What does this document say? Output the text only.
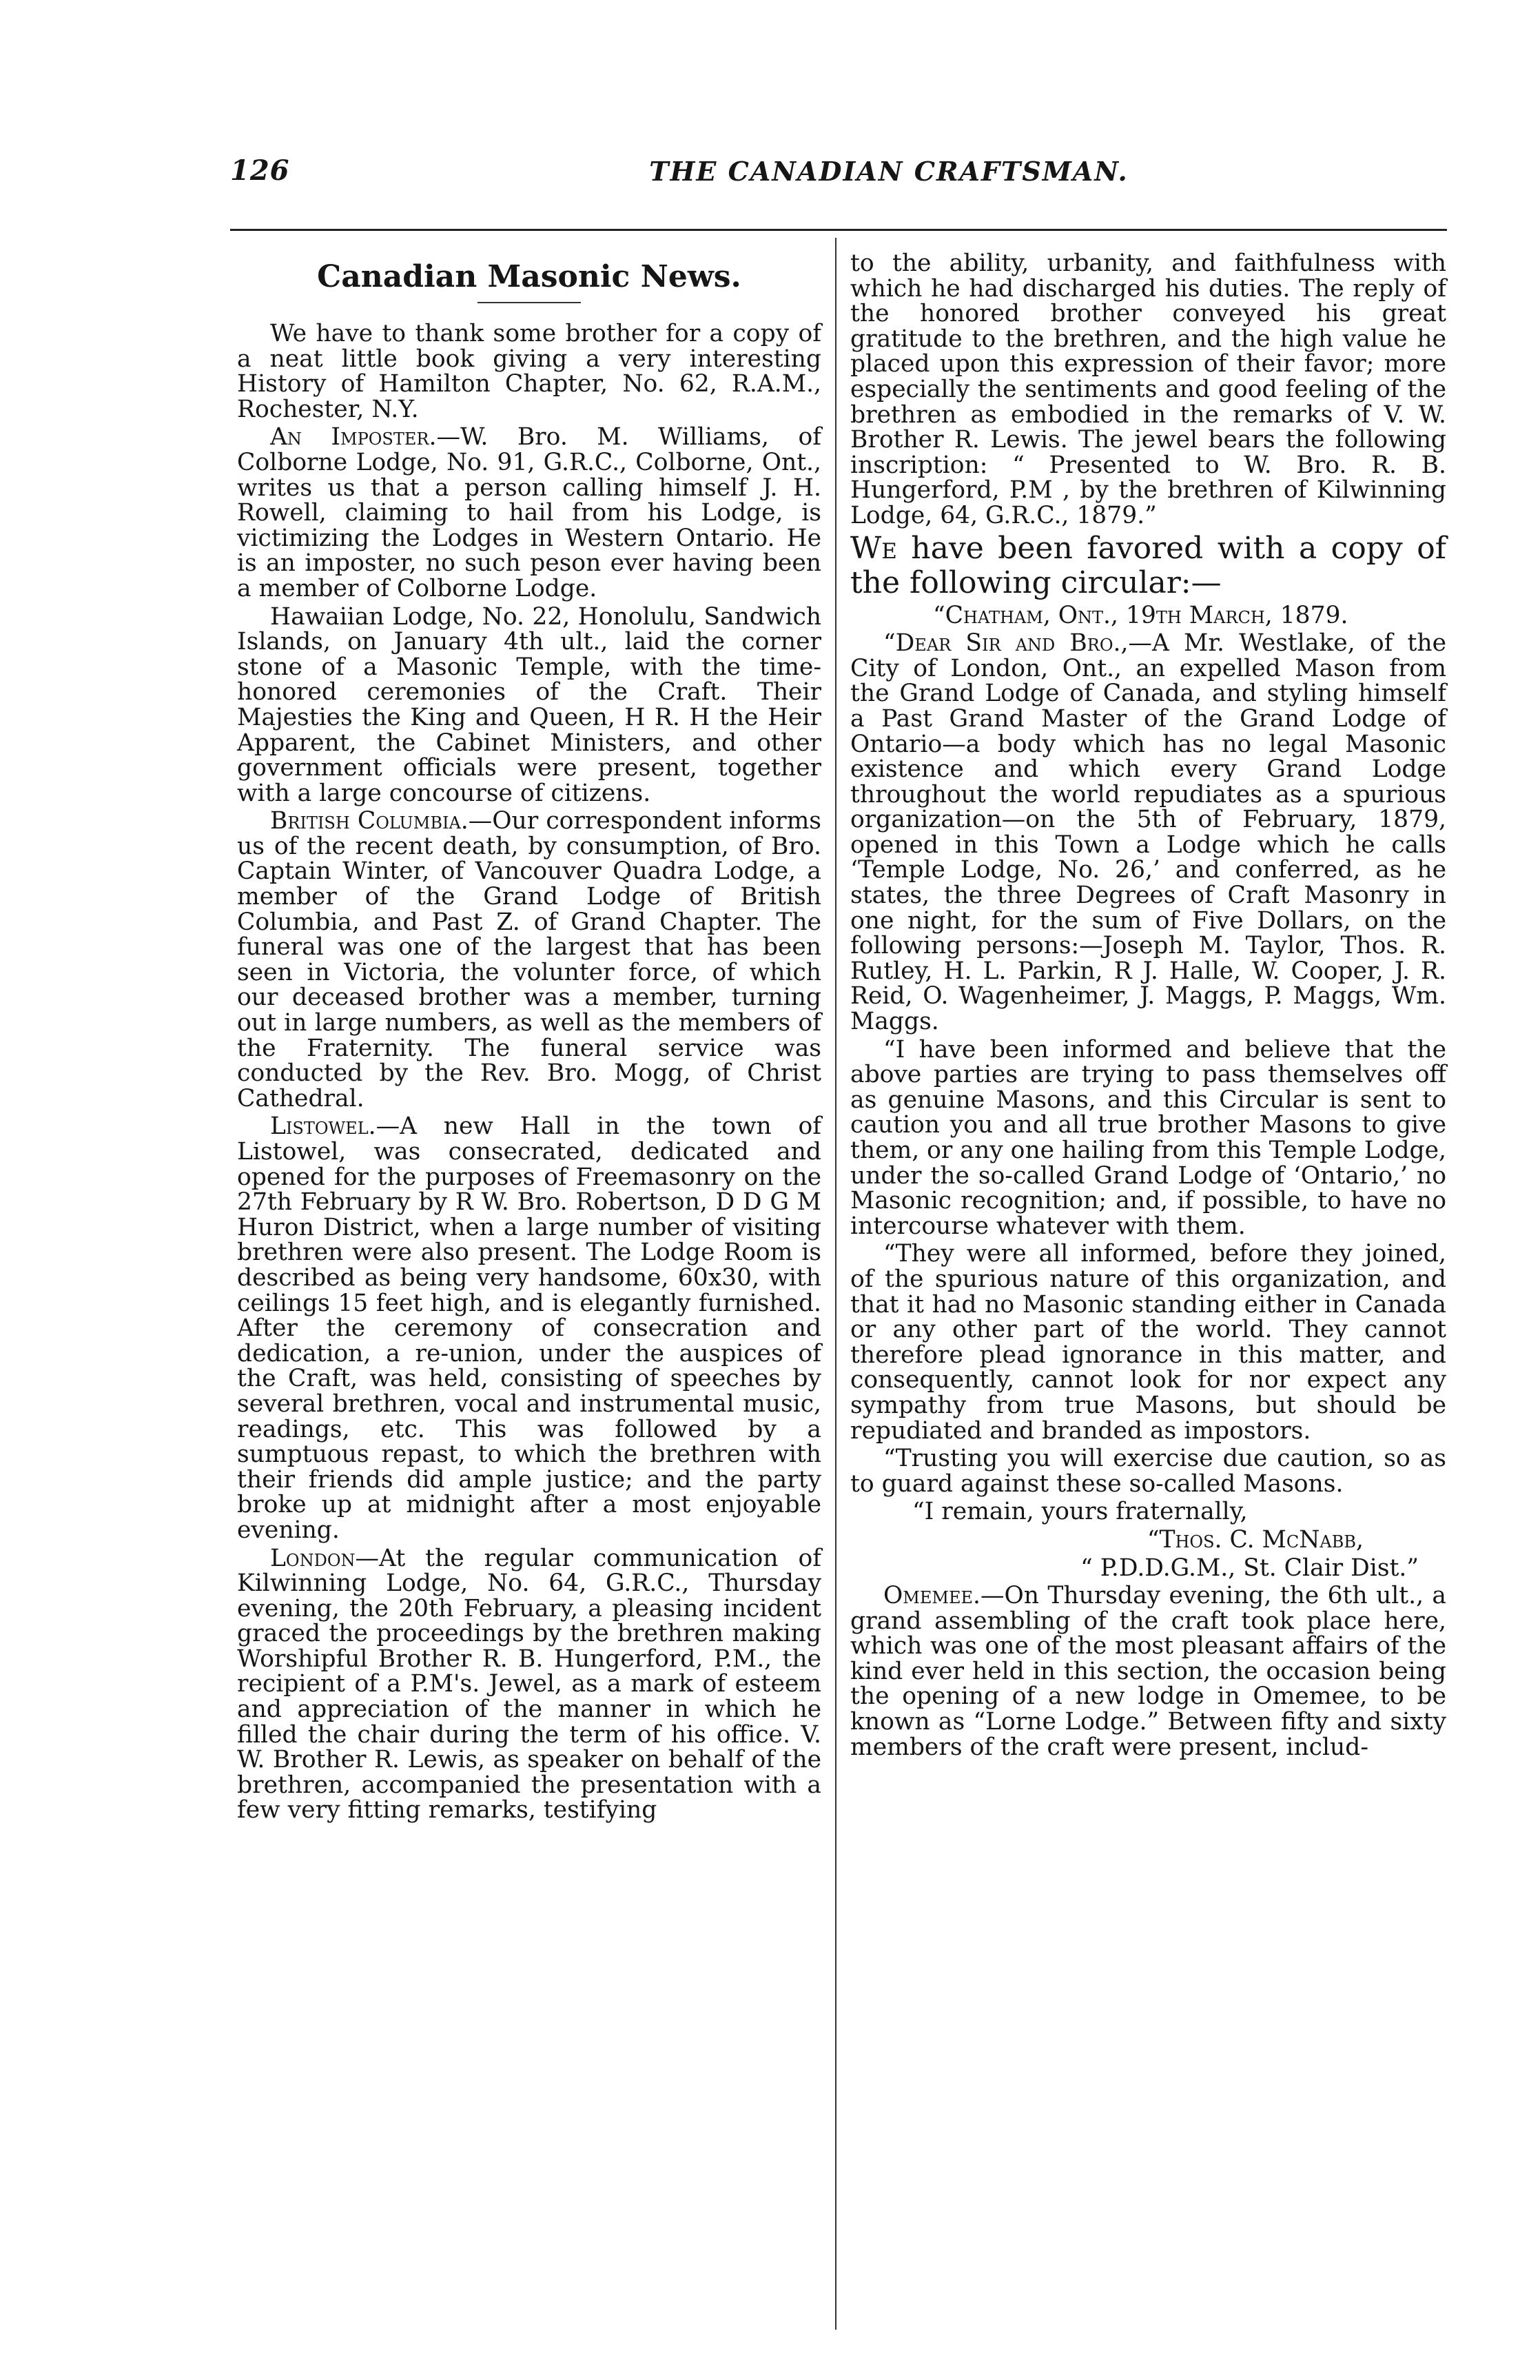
126	THE CANADIAN CRAFTSMAN.
Canadian Masonic News.

We have to thank some brother for a copy of a neat little book giving a very interesting History of Hamilton Chapter, No. 62, R.A.M., Rochester, N.Y.

An Imposter.—W. Bro. M. Williams, of Colborne Lodge, No. 91, G.R.C., Colborne, Ont., writes us that a person calling himself J. H. Rowell, claiming to hail from his Lodge, is victimizing the Lodges in Western Ontario. He is an imposter, no such peson ever having been a member of Colborne Lodge.

Hawaiian Lodge, No. 22, Honolulu, Sandwich Islands, on January 4th ult., laid the corner stone of a Masonic Temple, with the time-honored ceremonies of the Craft. Their Majesties the King and Queen, H R. H the Heir Apparent, the Cabinet Ministers, and other government officials were present, together with a large concourse of citizens.

British Columbia.—Our correspondent informs us of the recent death, by consumption, of Bro. Captain Winter, of Vancouver Quadra Lodge, a member of the Grand Lodge of British Columbia, and Past Z. of Grand Chapter. The funeral was one of the largest that has been seen in Victoria, the volunter force, of which our deceased brother was a member, turning out in large numbers, as well as the members of the Fraternity. The funeral service was conducted by the Rev. Bro. Mogg, of Christ Cathedral.

Listowel.—A new Hall in the town of Listowel, was consecrated, dedicated and opened for the purposes of Freemasonry on the 27th February by R W. Bro. Robertson, D D G M Huron District, when a large number of visiting brethren were also present. The Lodge Room is described as being very handsome, 60x30, with ceilings 15 feet high, and is elegantly furnished. After the ceremony of consecration and dedication, a re-union, under the auspices of the Craft, was held, consisting of speeches by several brethren, vocal and instrumental music, readings, etc. This was followed by a sumptuous repast, to which the brethren with their friends did ample justice; and the party broke up at midnight after a most enjoyable evening.

London—At the regular communication of Kilwinning Lodge, No. 64, G.R.C., Thursday evening, the 20th February, a pleasing incident graced the proceedings by the brethren making Worshipful Brother R. B. Hungerford, P.M., the recipient of a P.M's. Jewel, as a mark of esteem and appreciation of the manner in which he filled the chair during the term of his office. V. W. Brother R. Lewis, as speaker on behalf of the brethren, accompanied the presentation with a few very fitting remarks, testifying

to the ability, urbanity, and faithfulness with which he had discharged his duties. The reply of the honored brother conveyed his great gratitude to the brethren, and the high value he placed upon this expression of their favor; more especially the sentiments and good feeling of the brethren as embodied in the remarks of V. W. Brother R. Lewis. The jewel bears the following inscription: “ Presented to W. Bro. R. B. Hungerford, P.M , by the brethren of Kilwinning Lodge, 64, G.R.C., 1879.”

We have been favored with a copy of the following circular:—

“Chatham, Ont., 19th March, 1879.

“Dear Sir and Bro.,—A Mr. Westlake, of the City of London, Ont., an expelled Mason from the Grand Lodge of Canada, and styling himself a Past Grand Master of the Grand Lodge of Ontario—a body which has no legal Masonic existence and which every Grand Lodge throughout the world repudiates as a spurious organization—on the 5th of February, 1879, opened in this Town a Lodge which he calls ‘Temple Lodge, No. 26,’ and conferred, as he states, the three Degrees of Craft Masonry in one night, for the sum of Five Dollars, on the following persons:—Joseph M. Taylor, Thos. R. Rutley, H. L. Parkin, R J. Halle, W. Cooper, J. R. Reid, O. Wagenheimer, J. Maggs, P. Maggs, Wm. Maggs.

“I have been informed and believe that the above parties are trying to pass themselves off as genuine Masons, and this Circular is sent to caution you and all true brother Masons to give them, or any one hailing from this Temple Lodge, under the so-called Grand Lodge of ‘Ontario,’ no Masonic recognition; and, if possible, to have no intercourse whatever with them.

“They were all informed, before they joined, of the spurious nature of this organization, and that it had no Masonic standing either in Canada or any other part of the world. They cannot therefore plead ignorance in this matter, and consequently, cannot look for nor expect any sympathy from true Masons, but should be repudiated and branded as impostors.

“Trusting you will exercise due caution, so as to guard against these so-called Masons.

“I remain, yours fraternally,

“Thos. C. McNabb,

“ P.D.D.G.M., St. Clair Dist.”

Omemee.—On Thursday evening, the 6th ult., a grand assembling of the craft took place here, which was one of the most pleasant affairs of the kind ever held in this section, the occasion being the opening of a new lodge in Omemee, to be known as “Lorne Lodge.” Between fifty and sixty members of the craft were present, includ-
